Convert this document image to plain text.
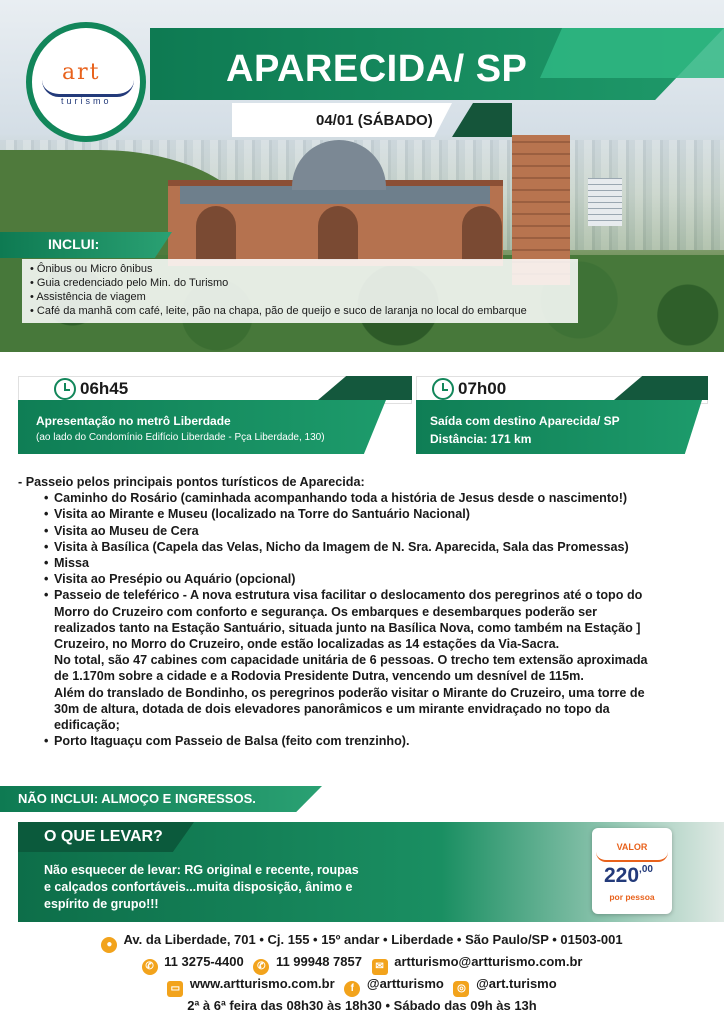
APARECIDA/ SP
04/01 (SÁBADO)
art
turismo
INCLUI:
• Ônibus ou Micro ônibus
• Guia credenciado pelo Min. do Turismo
• Assistência de viagem
• Café da manhã com café, leite, pão na chapa, pão de queijo e suco de laranja no local do embarque
06h45
Apresentação no metrô Liberdade
(ao lado do Condomínio Edifício Liberdade - Pça Liberdade, 130)
07h00
Saída com destino Aparecida/ SP
Distância: 171 km
- Passeio pelos principais pontos turísticos de Aparecida:
• Caminho do Rosário (caminhada acompanhando toda a história de Jesus desde o nascimento!)
• Visita ao Mirante e Museu (localizado na Torre do Santuário Nacional)
• Visita ao Museu de Cera
• Visita à Basílica (Capela das Velas, Nicho da Imagem de N. Sra. Aparecida, Sala das Promessas)
• Missa
• Visita ao Presépio ou Aquário (opcional)
• Passeio de teleférico - A nova estrutura visa facilitar o deslocamento dos peregrinos até o topo do
Morro do Cruzeiro com conforto e segurança. Os embarques e desembarques poderão ser
realizados tanto na Estação Santuário, situada junto na Basílica Nova, como também na Estação ]
Cruzeiro, no Morro do Cruzeiro, onde estão localizadas as 14 estações da Via-Sacra.
No total, são 47 cabines com capacidade unitária de 6 pessoas. O trecho tem extensão aproximada
de 1.170m sobre a cidade e a Rodovia Presidente Dutra, vencendo um desnível de 115m.
Além do translado de Bondinho, os peregrinos poderão visitar o Mirante do Cruzeiro, uma torre de
30m de altura, dotada de dois elevadores panorâmicos e um mirante envidraçado no topo da
edificação;
• Porto Itaguaçu com Passeio de Balsa (feito com trenzinho).
NÃO INCLUI: ALMOÇO E INGRESSOS.
O QUE LEVAR?
Não esquecer de levar: RG original e recente, roupas
e calçados confortáveis...muita disposição, ânimo e
espírito de grupo!!!
VALOR
$220^{,00}$
por pessoa
● Av. da Liberdade, 701 • Cj. 155 • 15º andar • Liberdade • São Paulo/SP • 01503-001
✆ 11 3275-4400 ✆ 11 99948 7857 ✉ artturismo@artturismo.com.br
▭ www.artturismo.com.br f @artturismo ◎ @art.turismo
2ª à 6ª feira das 08h30 às 18h30 • Sábado das 09h às 13h
